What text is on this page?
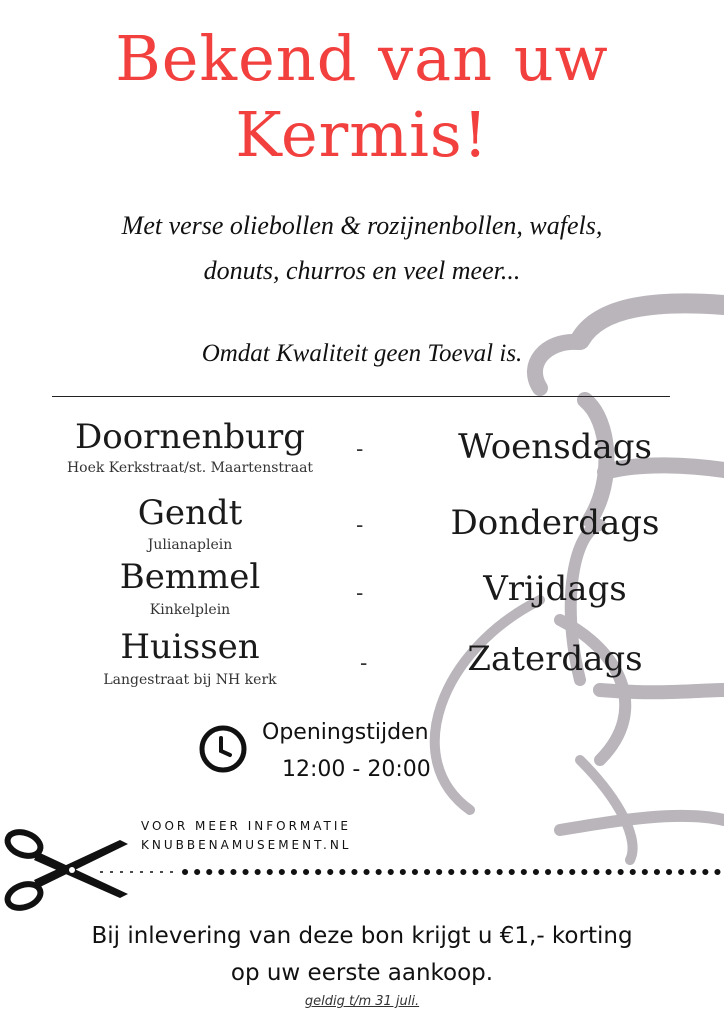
Bekend van uw
Kermis!
Met verse oliebollen & rozijnenbollen, wafels,
donuts, churros en veel meer...
Omdat Kwaliteit geen Toeval is.
Doornenburg
Hoek Kerkstraat/st. Maartenstraat
-	Woensdags
Gendt
Julianaplein
-	Donderdags
Bemmel
Kinkelplein
-	Vrijdags
Huissen
Langestraat bij NH kerk
-	Zaterdags
Openingstijden
12:00 - 20:00
VOOR MEER INFORMATIE
KNUBBENAMUSEMENT.NL
Bij inlevering van deze bon krijgt u €1,- korting
op uw eerste aankoop.
geldig t/m 31 juli.
